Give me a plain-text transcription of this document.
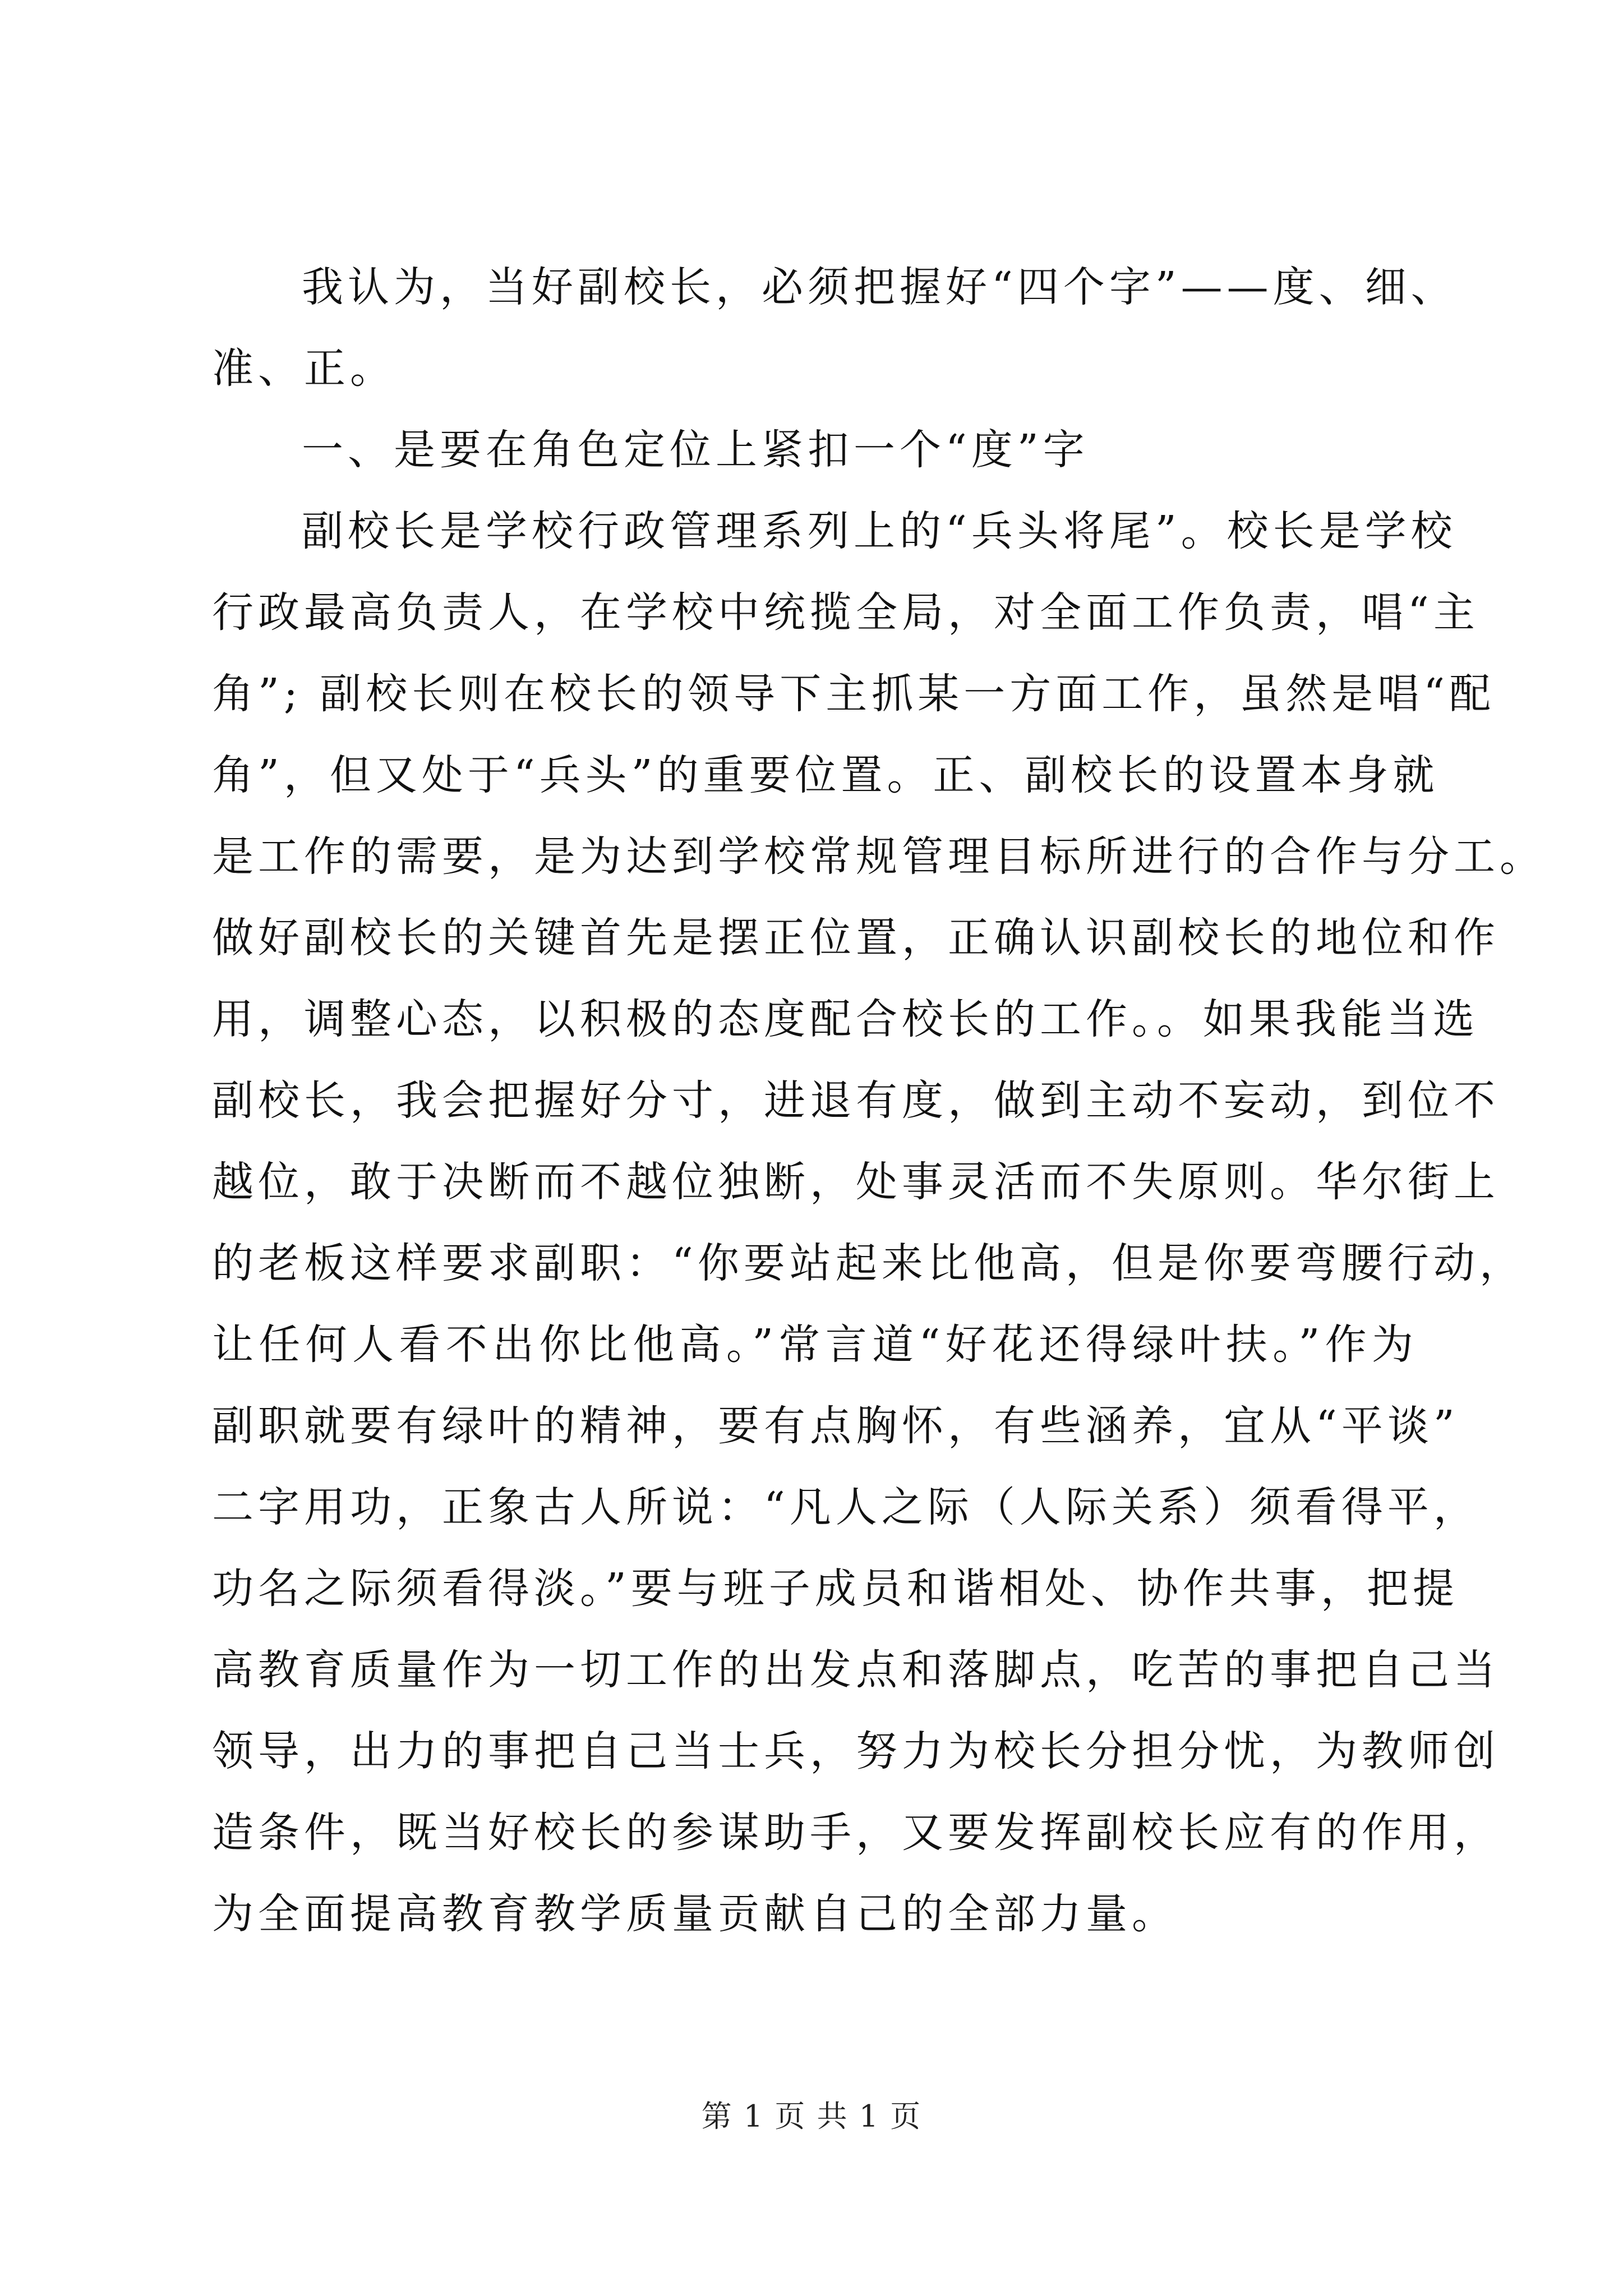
我认为，当好副校长，必须把握好“四个字”——度、细、
准、正。
一、是要在角色定位上紧扣一个“度”字
副校长是学校行政管理系列上的“兵头将尾”。校长是学校
行政最高负责人，在学校中统揽全局，对全面工作负责，唱“主
角”; 副校长则在校长的领导下主抓某一方面工作，虽然是唱“配
角”，但又处于“兵头”的重要位置。正、副校长的设置本身就
是工作的需要，是为达到学校常规管理目标所进行的合作与分工。
做好副校长的关键首先是摆正位置，正确认识副校长的地位和作
用，调整心态，以积极的态度配合校长的工作。。如果我能当选
副校长，我会把握好分寸，进退有度，做到主动不妄动，到位不
越位，敢于决断而不越位独断，处事灵活而不失原则。华尔街上
的老板这样要求副职：“你要站起来比他高，但是你要弯腰行动，
让任何人看不出你比他高。”常言道“好花还得绿叶扶。”作为
副职就要有绿叶的精神，要有点胸怀，有些涵养，宜从“平谈”
二字用功，正象古人所说：“凡人之际（人际关系）须看得平，
功名之际须看得淡。”要与班子成员和谐相处、协作共事，把提
高教育质量作为一切工作的出发点和落脚点，吃苦的事把自己当
领导，出力的事把自己当士兵，努力为校长分担分忧，为教师创
造条件，既当好校长的参谋助手，又要发挥副校长应有的作用，
为全面提高教育教学质量贡献自己的全部力量。
第 1 页 共 1 页
